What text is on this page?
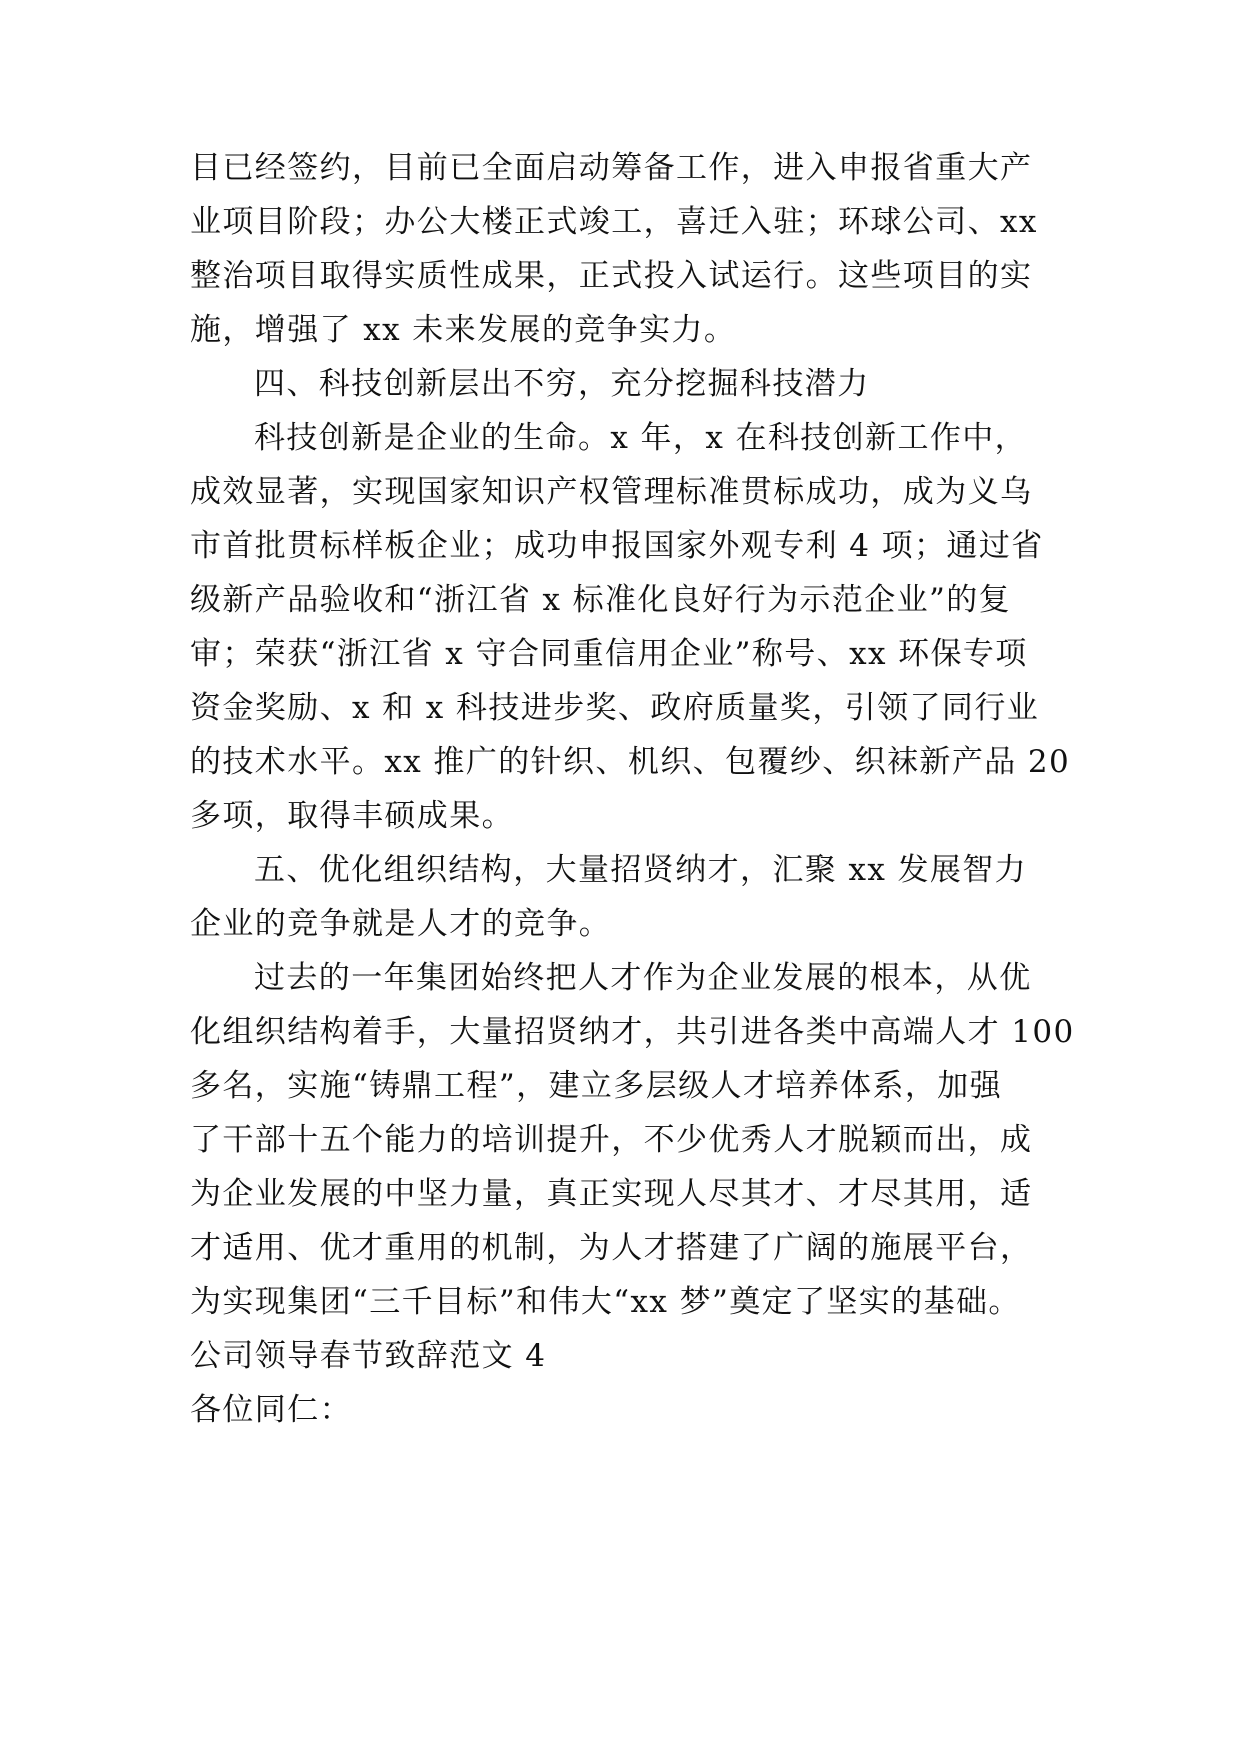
目已经签约，目前已全面启动筹备工作，进入申报省重大产
业项目阶段；办公大楼正式竣工，喜迁入驻；环球公司、xx
整治项目取得实质性成果，正式投入试运行。这些项目的实
施，增强了 xx 未来发展的竞争实力。
四、科技创新层出不穷，充分挖掘科技潜力
科技创新是企业的生命。x 年，x 在科技创新工作中，
成效显著，实现国家知识产权管理标准贯标成功，成为义乌
市首批贯标样板企业；成功申报国家外观专利 4 项；通过省
级新产品验收和“浙江省 x 标准化良好行为示范企业”的复
审；荣获“浙江省 x 守合同重信用企业”称号、xx 环保专项
资金奖励、x 和 x 科技进步奖、政府质量奖，引领了同行业
的技术水平。xx 推广的针织、机织、包覆纱、织袜新产品 20
多项，取得丰硕成果。
五、优化组织结构，大量招贤纳才，汇聚 xx 发展智力
企业的竞争就是人才的竞争。
过去的一年集团始终把人才作为企业发展的根本，从优
化组织结构着手，大量招贤纳才，共引进各类中高端人才 100
多名，实施“铸鼎工程”，建立多层级人才培养体系，加强
了干部十五个能力的培训提升，不少优秀人才脱颖而出，成
为企业发展的中坚力量，真正实现人尽其才、才尽其用，适
才适用、优才重用的机制，为人才搭建了广阔的施展平台，
为实现集团“三千目标”和伟大“xx 梦”奠定了坚实的基础。
公司领导春节致辞范文 4
各位同仁：
